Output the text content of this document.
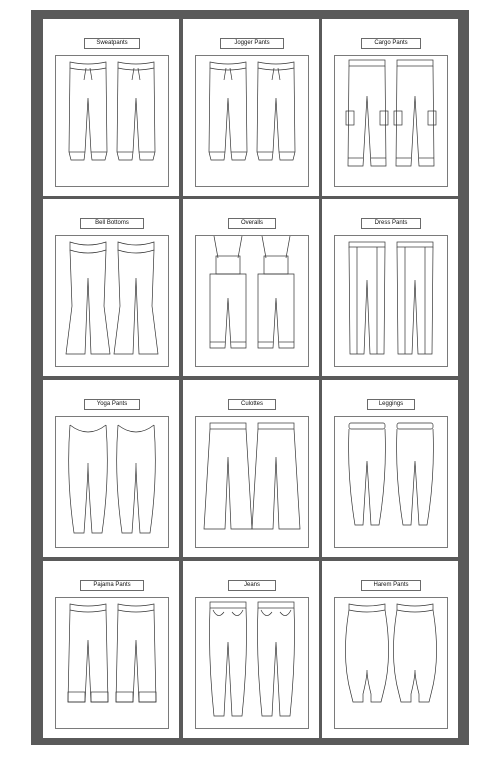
Sweatpants	Jogger Pants	Cargo Pants
Bell Bottoms	Overalls	Dress Pants
Yoga Pants	Culottes	Leggings
Pajama Pants	Jeans	Harem Pants
